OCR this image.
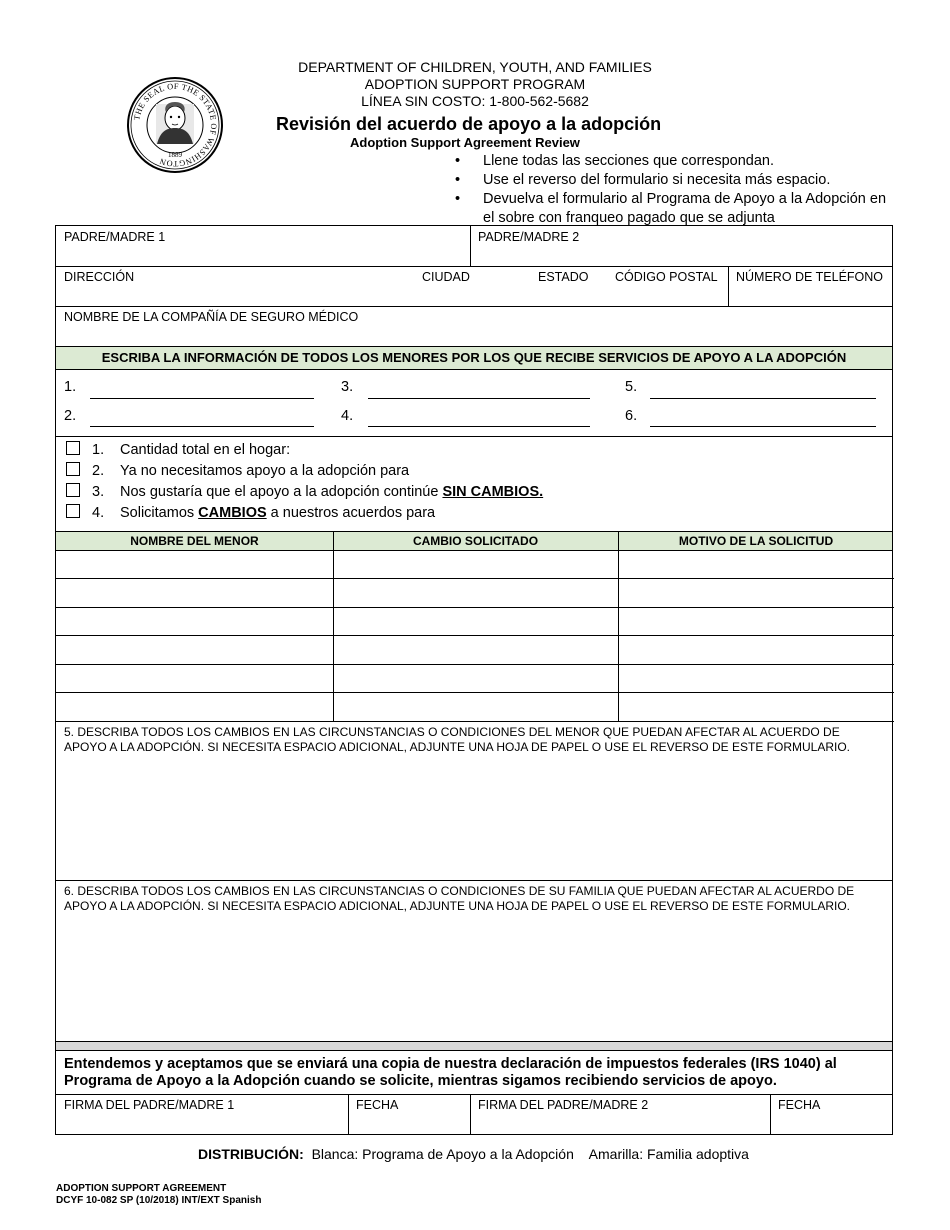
DEPARTMENT OF CHILDREN, YOUTH, AND FAMILIES
ADOPTION SUPPORT PROGRAM
LÍNEA SIN COSTO: 1-800-562-5682
THE SEAL OF THE STATE OF WASHINGTON
1889
Revisión del acuerdo de apoyo a la adopción
Adoption Support Agreement Review
• Llene todas las secciones que correspondan.
• Use el reverso del formulario si necesita más espacio.
• Devuelva el formulario al Programa de Apoyo a la Adopción en el sobre con franqueo pagado que se adjunta
PADRE/MADRE 1	PADRE/MADRE 2
DIRECCIÓN	CIUDAD	ESTADO CÓDIGO POSTAL NÚMERO DE TELÉFONO
NOMBRE DE LA COMPAÑÍA DE SEGURO MÉDICO
ESCRIBA LA INFORMACIÓN DE TODOS LOS MENORES POR LOS QUE RECIBE SERVICIOS DE APOYO A LA ADOPCIÓN
1.
2.
3.
4.
5.
6.
1. Cantidad total en el hogar:
2. Ya no necesitamos apoyo a la adopción para
3. Nos gustaría que el apoyo a la adopción continúe SIN CAMBIOS.
4. Solicitamos CAMBIOS a nuestros acuerdos para
NOMBRE DEL MENOR	CAMBIO SOLICITADO	MOTIVO DE LA SOLICITUD
5. DESCRIBA TODOS LOS CAMBIOS EN LAS CIRCUNSTANCIAS O CONDICIONES DEL MENOR QUE PUEDAN AFECTAR AL ACUERDO DE APOYO A LA ADOPCIÓN. SI NECESITA ESPACIO ADICIONAL, ADJUNTE UNA HOJA DE PAPEL O USE EL REVERSO DE ESTE FORMULARIO.
6. DESCRIBA TODOS LOS CAMBIOS EN LAS CIRCUNSTANCIAS O CONDICIONES DE SU FAMILIA QUE PUEDAN AFECTAR AL ACUERDO DE APOYO A LA ADOPCIÓN. SI NECESITA ESPACIO ADICIONAL, ADJUNTE UNA HOJA DE PAPEL O USE EL REVERSO DE ESTE FORMULARIO.
Entendemos y aceptamos que se enviará una copia de nuestra declaración de impuestos federales (IRS 1040) al Programa de Apoyo a la Adopción cuando se solicite, mientras sigamos recibiendo servicios de apoyo.
FIRMA DEL PADRE/MADRE 1	FECHA	FIRMA DEL PADRE/MADRE 2	FECHA
DISTRIBUCIÓN: Blanca: Programa de Apoyo a la Adopción Amarilla: Familia adoptiva
ADOPTION SUPPORT AGREEMENT
DCYF 10-082 SP (10/2018) INT/EXT Spanish
